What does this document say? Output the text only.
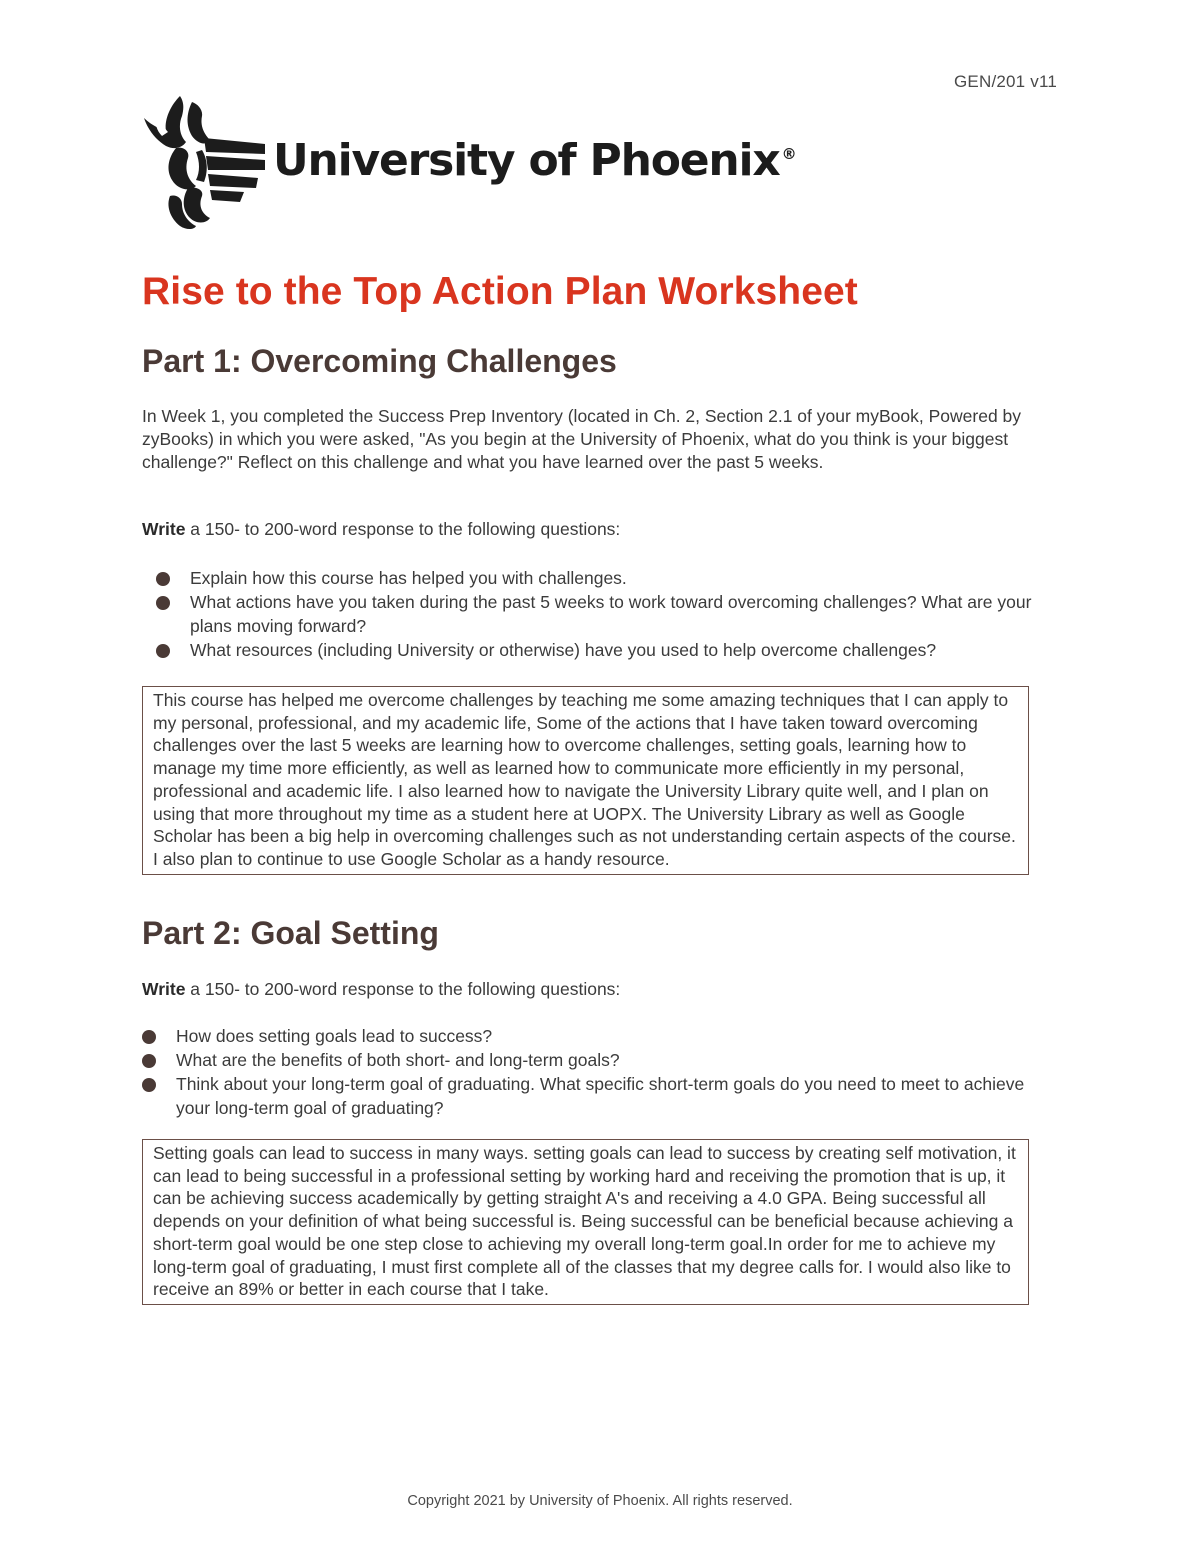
GEN/201 v11
University of Phoenix ®
Rise to the Top Action Plan Worksheet
Part 1: Overcoming Challenges

In Week 1, you completed the Success Prep Inventory (located in Ch. 2, Section 2.1 of your myBook, Powered by zyBooks) in which you were asked, "As you begin at the University of Phoenix, what do you think is your biggest challenge?" Reflect on this challenge and what you have learned over the past 5 weeks.

Write a 150- to 200-word response to the following questions:

Explain how this course has helped you with challenges.
What actions have you taken during the past 5 weeks to work toward overcoming challenges? What are your plans moving forward?
What resources (including University or otherwise) have you used to help overcome challenges?
This course has helped me overcome challenges by teaching me some amazing techniques that I can apply to my personal, professional, and my academic life, Some of the actions that I have taken toward overcoming challenges over the last 5 weeks are learning how to overcome challenges, setting goals, learning how to manage my time more efficiently, as well as learned how to communicate more efficiently in my personal, professional and academic life. I also learned how to navigate the University Library quite well, and I plan on using that more throughout my time as a student here at UOPX. The University Library as well as Google Scholar has been a big help in overcoming challenges such as not understanding certain aspects of the course. I also plan to continue to use Google Scholar as a handy resource.
Part 2: Goal Setting

Write a 150- to 200-word response to the following questions:

How does setting goals lead to success?
What are the benefits of both short- and long-term goals?
Think about your long-term goal of graduating. What specific short-term goals do you need to meet to achieve your long-term goal of graduating?
Setting goals can lead to success in many ways. setting goals can lead to success by creating self motivation, it can lead to being successful in a professional setting by working hard and receiving the promotion that is up, it can be achieving success academically by getting straight A's and receiving a 4.0 GPA. Being successful all depends on your definition of what being successful is. Being successful can be beneficial because achieving a short-term goal would be one step close to achieving my overall long-term goal.In order for me to achieve my long-term goal of graduating, I must first complete all of the classes that my degree calls for. I would also like to receive an 89% or better in each course that I take.
Copyright 2021 by University of Phoenix. All rights reserved.
